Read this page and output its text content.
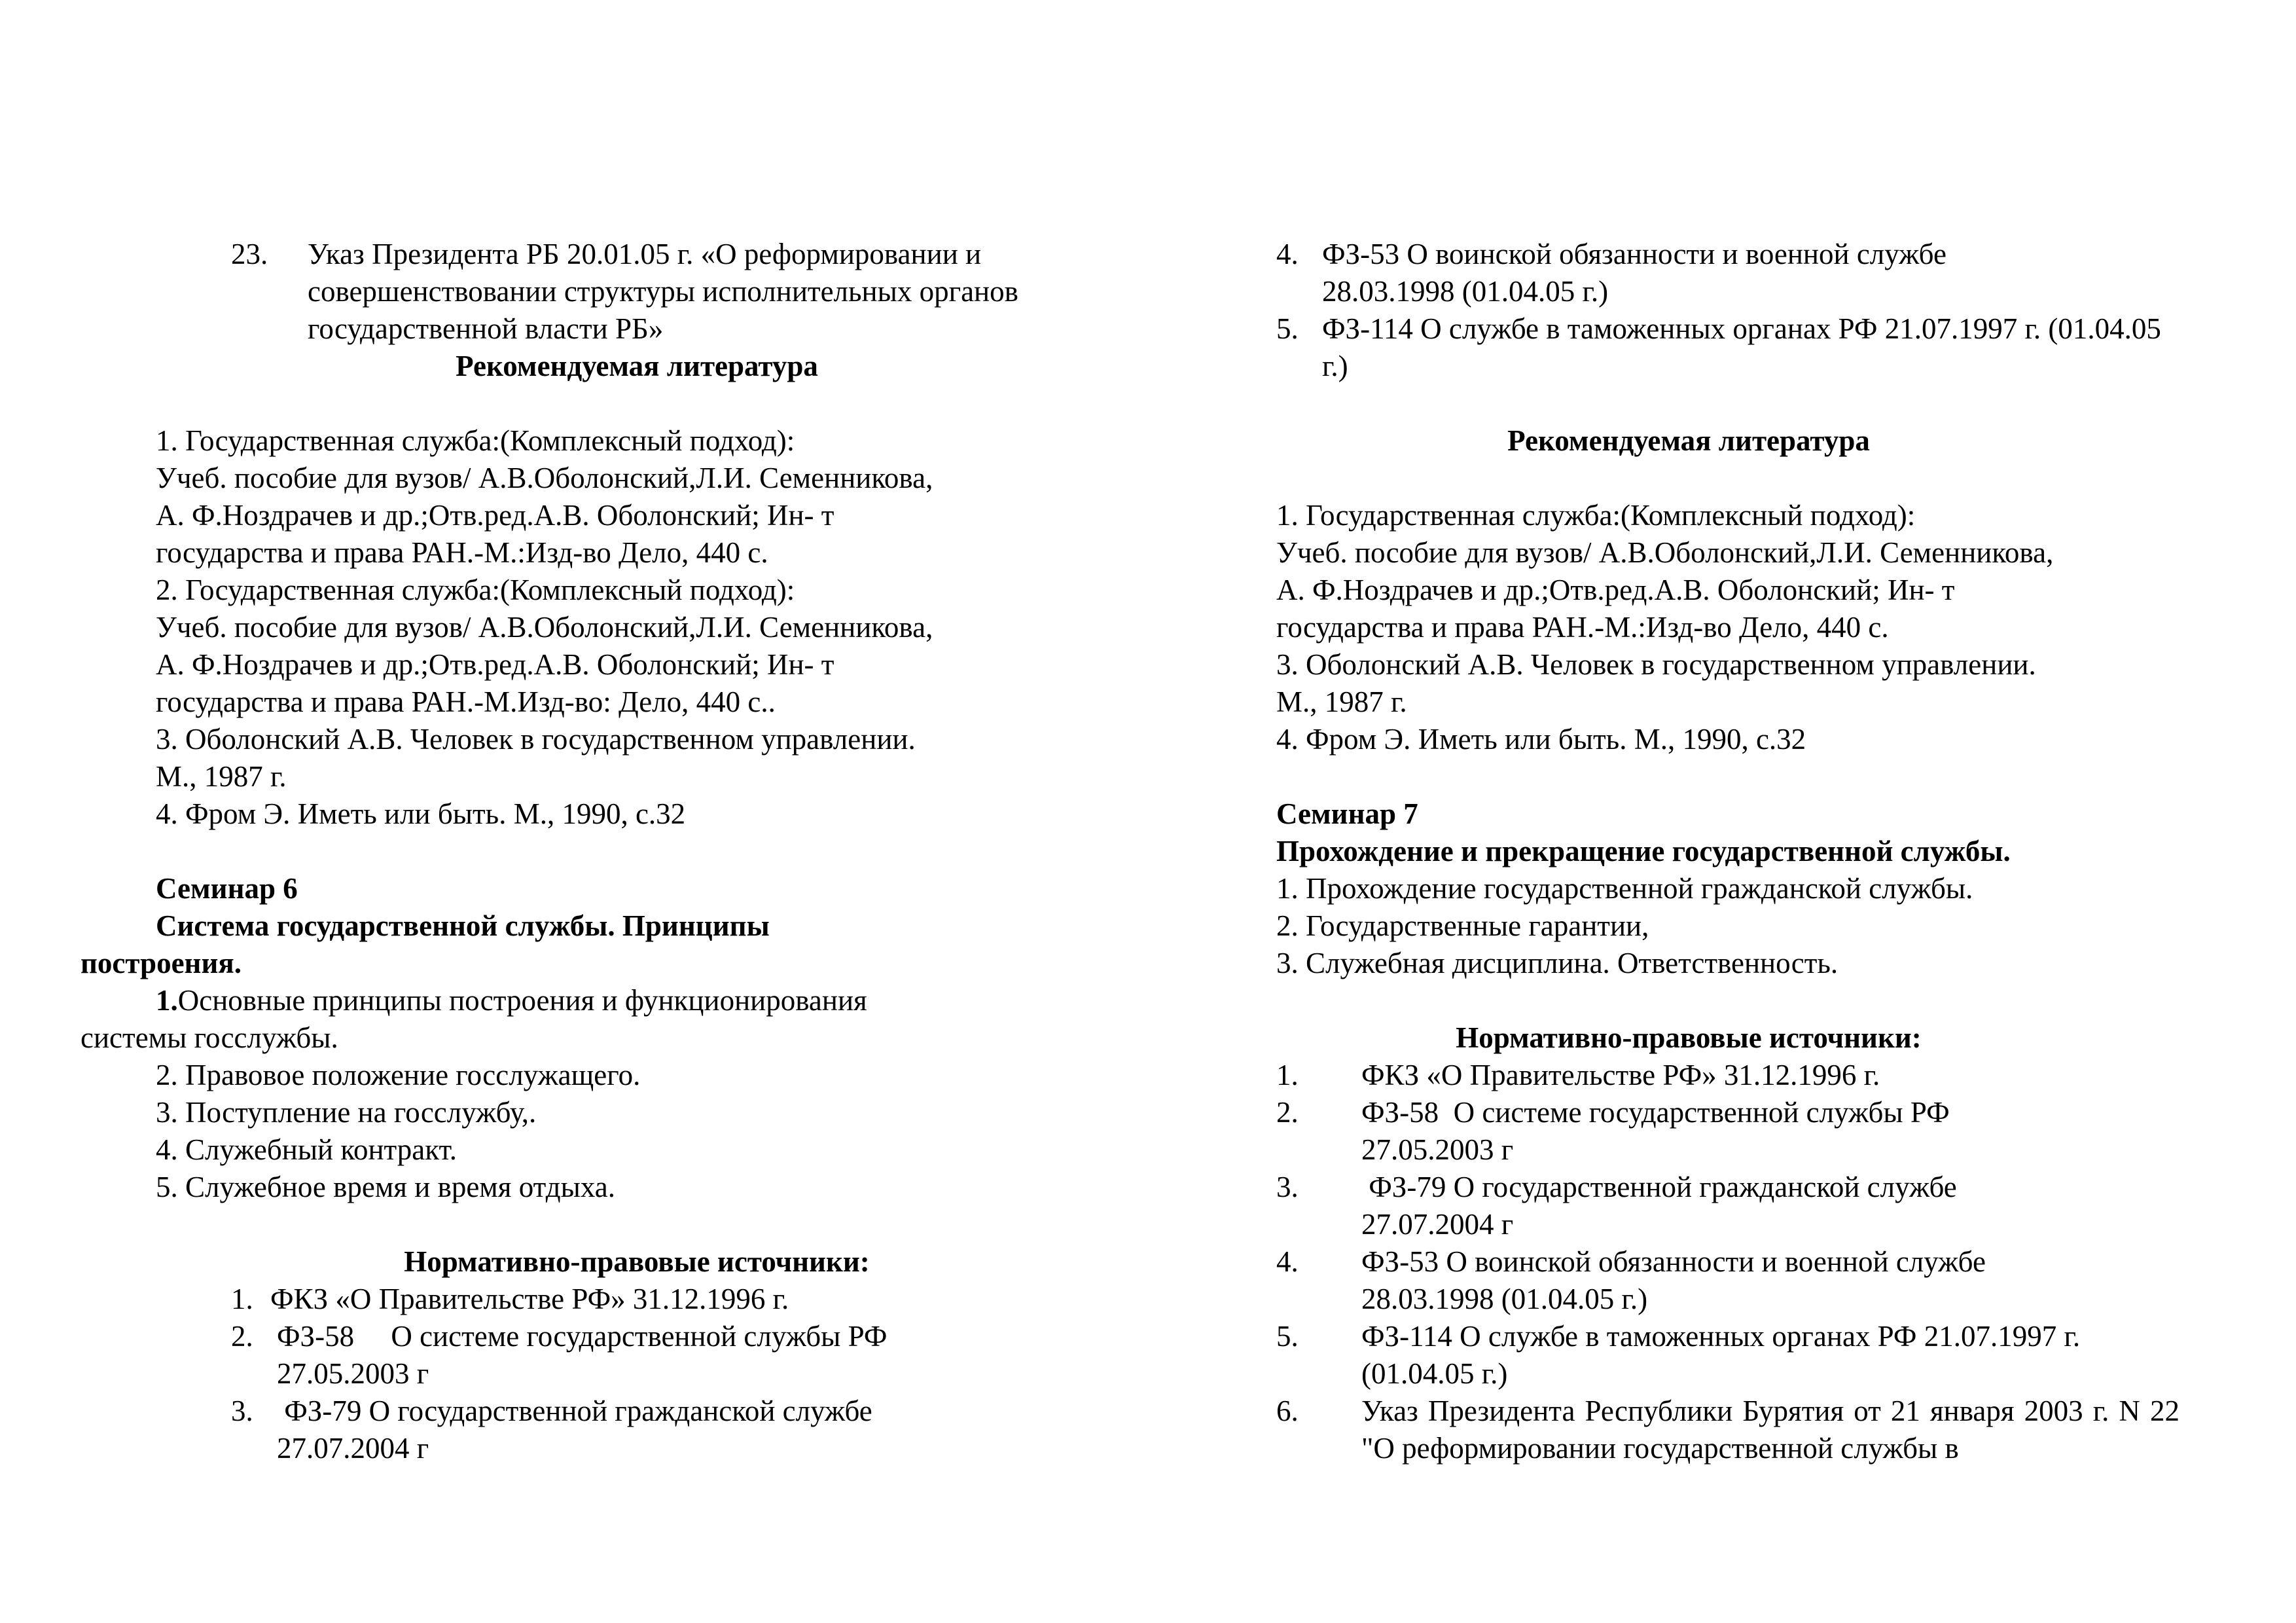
23.	Указ Президента РБ 20.01.05 г. «О реформировании и совершенствовании структуры исполнительных органов государственной власти РБ»

Рекомендуемая литература

1. Государственная служба:(Комплексный подход):

Учеб. пособие для вузов/ А.В.Оболонский,Л.И. Семенникова,

А. Ф.Ноздрачев и др.;Отв.ред.А.В. Оболонский; Ин- т

государства и права РАН.-М.:Изд-во Дело, 440 с.

2. Государственная служба:(Комплексный подход):

Учеб. пособие для вузов/ А.В.Оболонский,Л.И. Семенникова,

А. Ф.Ноздрачев и др.;Отв.ред.А.В. Оболонский; Ин- т

государства и права РАН.-М.Изд-во: Дело, 440 с..

3. Оболонский А.В. Человек в государственном управлении.

М., 1987 г.

4. Фром Э. Иметь или быть. М., 1990, с.32

Семинар 6

Система государственной службы. Принципы

построения.

1.Основные принципы построения и функционирования

системы госслужбы.

2. Правовое положение госслужащего.

3. Поступление на госслужбу,.

4. Служебный контракт.

5. Служебное время и время отдыха.

Нормативно-правовые источники:

1. ФКЗ «О Правительстве РФ» 31.12.1996 г.
2. ФЗ-58     О системе государственной службы РФ 27.05.2003 г
3. ФЗ-79 О государственной гражданской службе 27.07.2004 г
4. ФЗ-53 О воинской обязанности и военной службе 28.03.1998 (01.04.05 г.)
5. ФЗ-114 О службе в таможенных органах РФ 21.07.1997 г. (01.04.05 г.)

Рекомендуемая литература

1. Государственная служба:(Комплексный подход):

Учеб. пособие для вузов/ А.В.Оболонский,Л.И. Семенникова,

А. Ф.Ноздрачев и др.;Отв.ред.А.В. Оболонский; Ин- т

государства и права РАН.-М.:Изд-во Дело, 440 с.

3. Оболонский А.В. Человек в государственном управлении.

М., 1987 г.

4. Фром Э. Иметь или быть. М., 1990, с.32

Семинар 7

Прохождение и прекращение государственной службы.

1. Прохождение государственной гражданской службы.

2. Государственные гарантии,

3. Служебная дисциплина. Ответственность.

Нормативно-правовые источники:

1.	ФКЗ «О Правительстве РФ» 31.12.1996 г.
2.	ФЗ-58  О системе государственной службы РФ 27.05.2003 г
3.	ФЗ-79 О государственной гражданской службе 27.07.2004 г
4.	ФЗ-53 О воинской обязанности и военной службе 28.03.1998 (01.04.05 г.)
5.	ФЗ-114 О службе в таможенных органах РФ 21.07.1997 г. (01.04.05 г.)
6.	Указ Президента Республики Бурятия от 21 января 2003 г. N 22 "О реформировании государственной службы в
